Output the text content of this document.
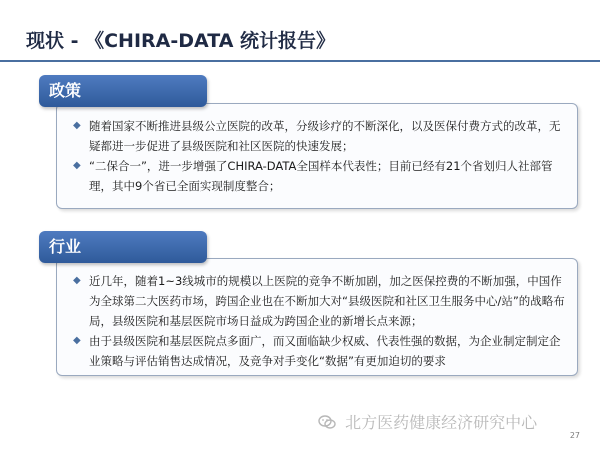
现状 - 《CHIRA-DATA 统计报告》
◆ 随着国家不断推进县级公立医院的改革，分级诊疗的不断深化，以及医保付费方式的改革，无疑都进一步促进了县级医院和社区医院的快速发展；
◆ “二保合一”，进一步增强了CHIRA-DATA全国样本代表性；目前已经有21个省划归人社部管理，其中9个省已全面实现制度整合；
政策
◆ 近几年，随着1~3线城市的规模以上医院的竞争不断加剧，加之医保控费的不断加强，中国作为全球第二大医药市场，跨国企业也在不断加大对“县级医院和社区卫生服务中心/站”的战略布局，县级医院和基层医院市场日益成为跨国企业的新增长点来源；
◆ 由于县级医院和基层医院点多面广，而又面临缺少权威、代表性强的数据，为企业制定制定企业策略与评估销售达成情况，及竞争对手变化“数据”有更加迫切的要求
行业
北方医药健康经济研究中心
27
